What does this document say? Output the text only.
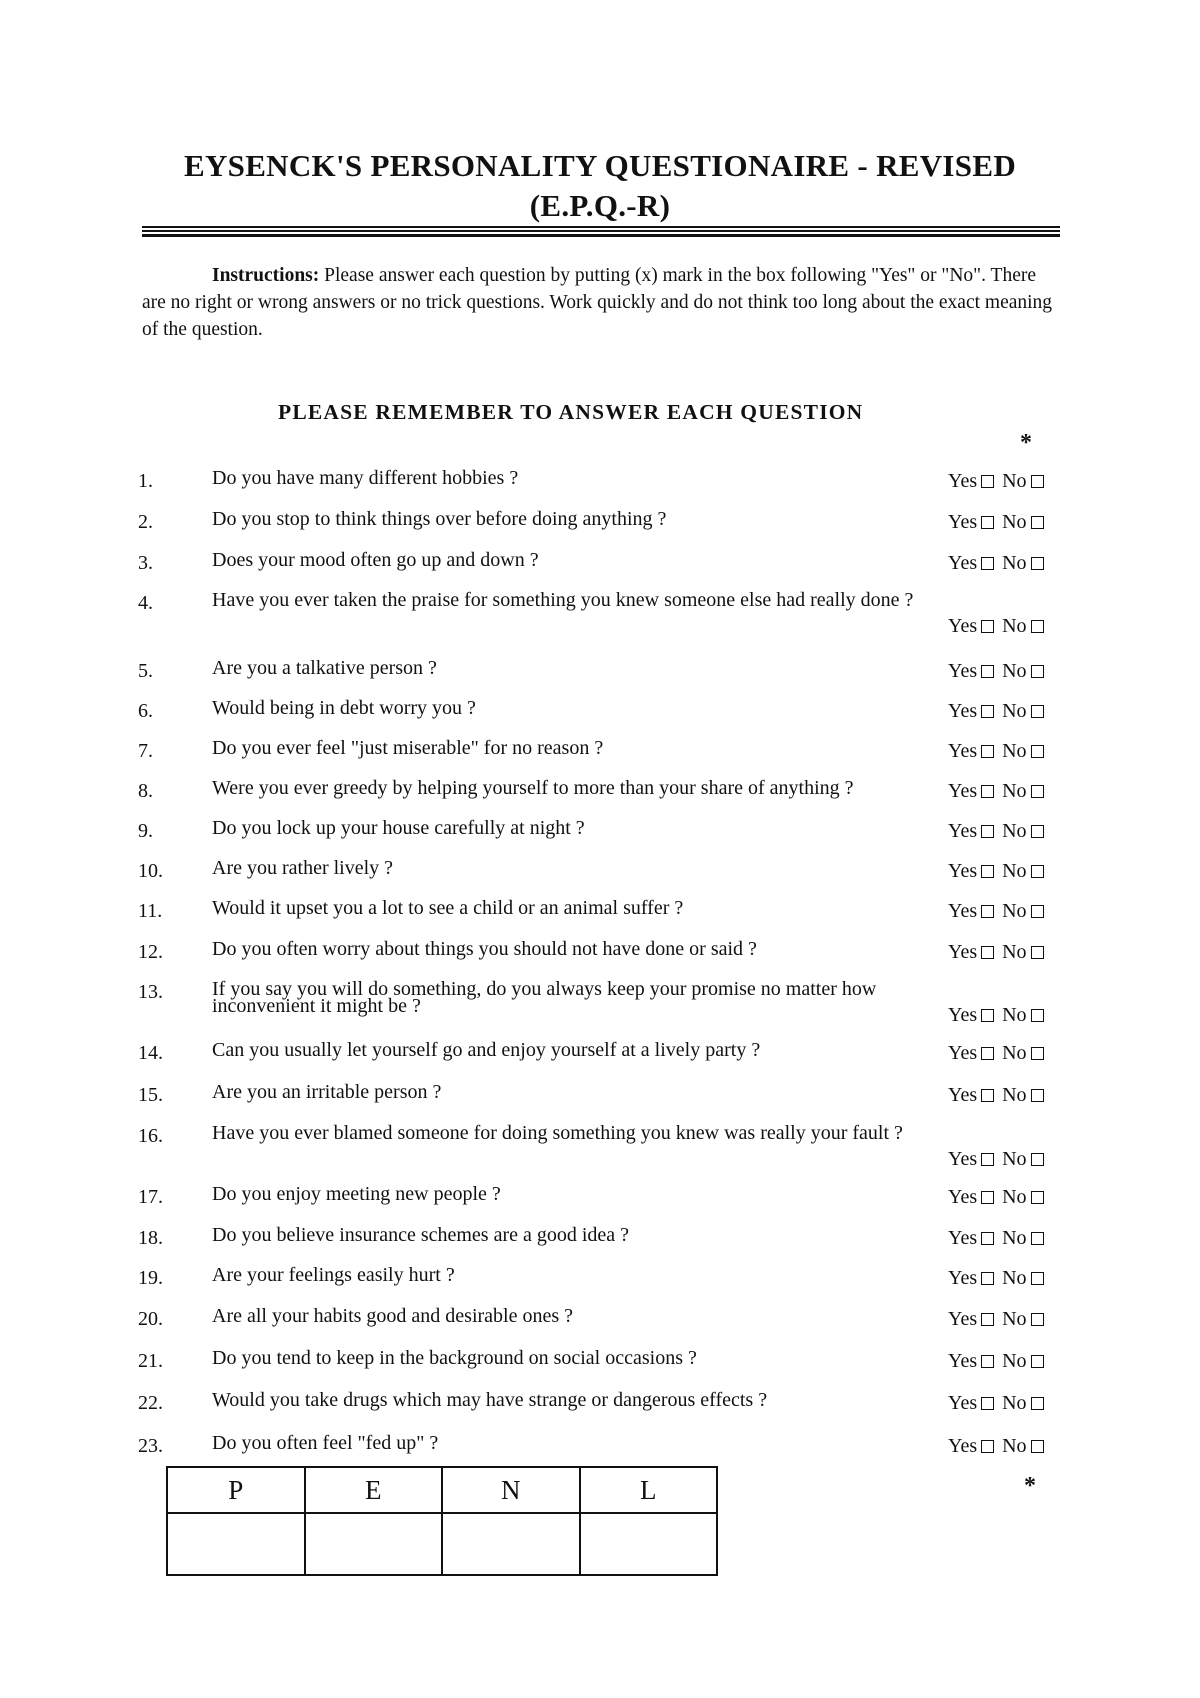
EYSENCK'S PERSONALITY QUESTIONAIRE - REVISED
(E.P.Q.-R)
Instructions: Please answer each question by putting (x) mark in the box following "Yes" or "No". There are no right or wrong answers or no trick questions. Work quickly and do not think too long about the exact meaning of the question.
PLEASE REMEMBER TO ANSWER EACH QUESTION
*
1.	Do you have many different hobbies ?	Yes No
2.	Do you stop to think things over before doing anything ?	Yes No
3.	Does your mood often go up and down ?	Yes No
4.	Have you ever taken the praise for something you knew someone else had really done ?
Yes No
5.	Are you a talkative person ?	Yes No
6.	Would being in debt worry you ?	Yes No
7.	Do you ever feel "just miserable" for no reason ?	Yes No
8.	Were you ever greedy by helping yourself to more than your share of anything ?	Yes No
9.	Do you lock up your house carefully at night ?	Yes No
10.	Are you rather lively ?	Yes No
11.	Would it upset you a lot to see a child or an animal suffer ?	Yes No
12.	Do you often worry about things you should not have done or said ?	Yes No
13.	If you say you will do something, do you always keep your promise no matter how inconvenient it might be ?	Yes No
14.	Can you usually let yourself go and enjoy yourself at a lively party ?	Yes No
15.	Are you an irritable person ?	Yes No
16.	Have you ever blamed someone for doing something you knew was really your fault ?
Yes No
17.	Do you enjoy meeting new people ?	Yes No
18.	Do you believe insurance schemes are a good idea ?	Yes No
19.	Are your feelings easily hurt ?	Yes No
20.	Are all your habits good and desirable ones ?	Yes No
21.	Do you tend to keep in the background on social occasions ?	Yes No
22.	Would you take drugs which may have strange or dangerous effects ?	Yes No
23.	Do you often feel "fed up" ?	Yes No
P	E	N	L
				*
